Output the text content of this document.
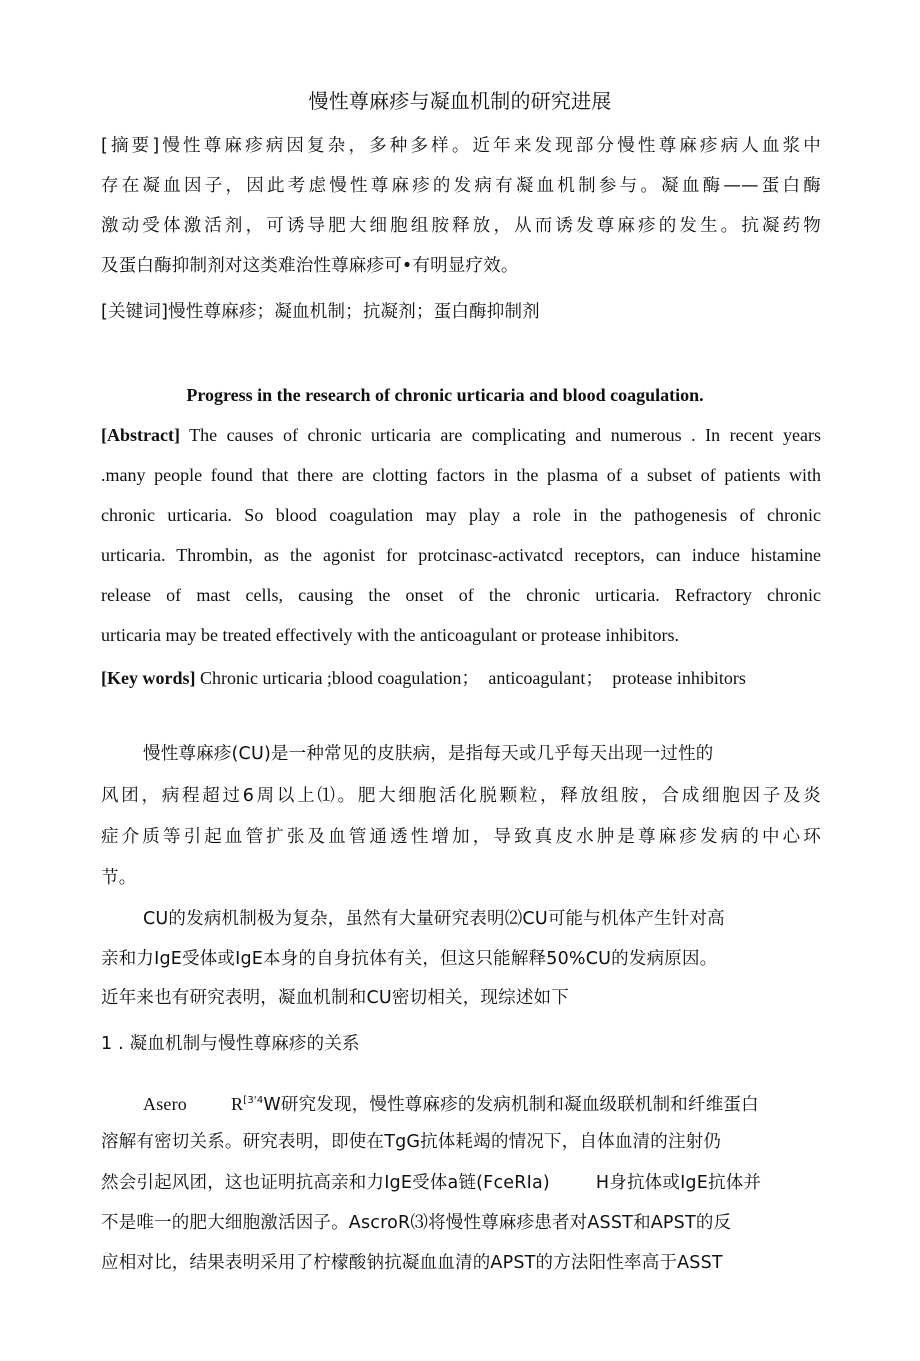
慢性尊麻疹与凝血机制的研究进展
[摘要]慢性尊麻疹病因复杂，多种多样。近年来发现部分慢性尊麻疹病人血浆中
存在凝血因子，因此考虑慢性尊麻疹的发病有凝血机制参与。凝血酶——蛋白酶
激动受体激活剂，可诱导肥大细胞组胺释放，从而诱发尊麻疹的发生。抗凝药物
及蛋白酶抑制剂对这类难治性尊麻疹可•有明显疗效。
[关键词]慢性尊麻疹；凝血机制；抗凝剂；蛋白酶抑制剂
Progress in the research of chronic urticaria and blood coagulation.
[Abstract] The causes of chronic urticaria are complicating and numerous . In recent years
.many people found that there are clotting factors in the plasma of a subset of patients with
chronic urticaria. So blood coagulation may play a role in the pathogenesis of chronic
urticaria. Thrombin, as the agonist for protcinasc-activatcd receptors, can induce histamine
release of mast cells, causing the onset of the chronic urticaria. Refractory chronic
urticaria may be treated effectively with the anticoagulant or protease inhibitors.
[Key words] Chronic urticaria ;blood coagulation；  anticoagulant；  protease inhibitors
慢性尊麻疹(CU)是一种常见的皮肤病，是指每天或几乎每天出现一过性的
风团，病程超过6周以上⑴。肥大细胞活化脱颗粒，释放组胺，合成细胞因子及炎
症介质等引起血管扩张及血管通透性增加，导致真皮水肿是尊麻疹发病的中心环
节。
CU的发病机制极为复杂，虽然有大量研究表明⑵CU可能与机体产生针对高
亲和力IgE受体或IgE本身的自身抗体有关，但这只能解释50%CU的发病原因。
近年来也有研究表明，凝血机制和CU密切相关，现综述如下
1 . 凝血机制与慢性尊麻疹的关系
Asero $R^{[3'4}W$研究发现，慢性尊麻疹的发病机制和凝血级联机制和纤维蛋白
溶解有密切关系。研究表明，即使在TgG抗体耗竭的情况下，自体血清的注射仍
然会引起风团，这也证明抗高亲和力IgE受体a链(FceRIa)	H身抗体或IgE抗体并
不是唯一的肥大细胞激活因子。AscroR⑶将慢性尊麻疹患者对ASST和APST的反
应相对比，结果表明采用了柠檬酸钠抗凝血血清的APST的方法阳性率高于ASST
